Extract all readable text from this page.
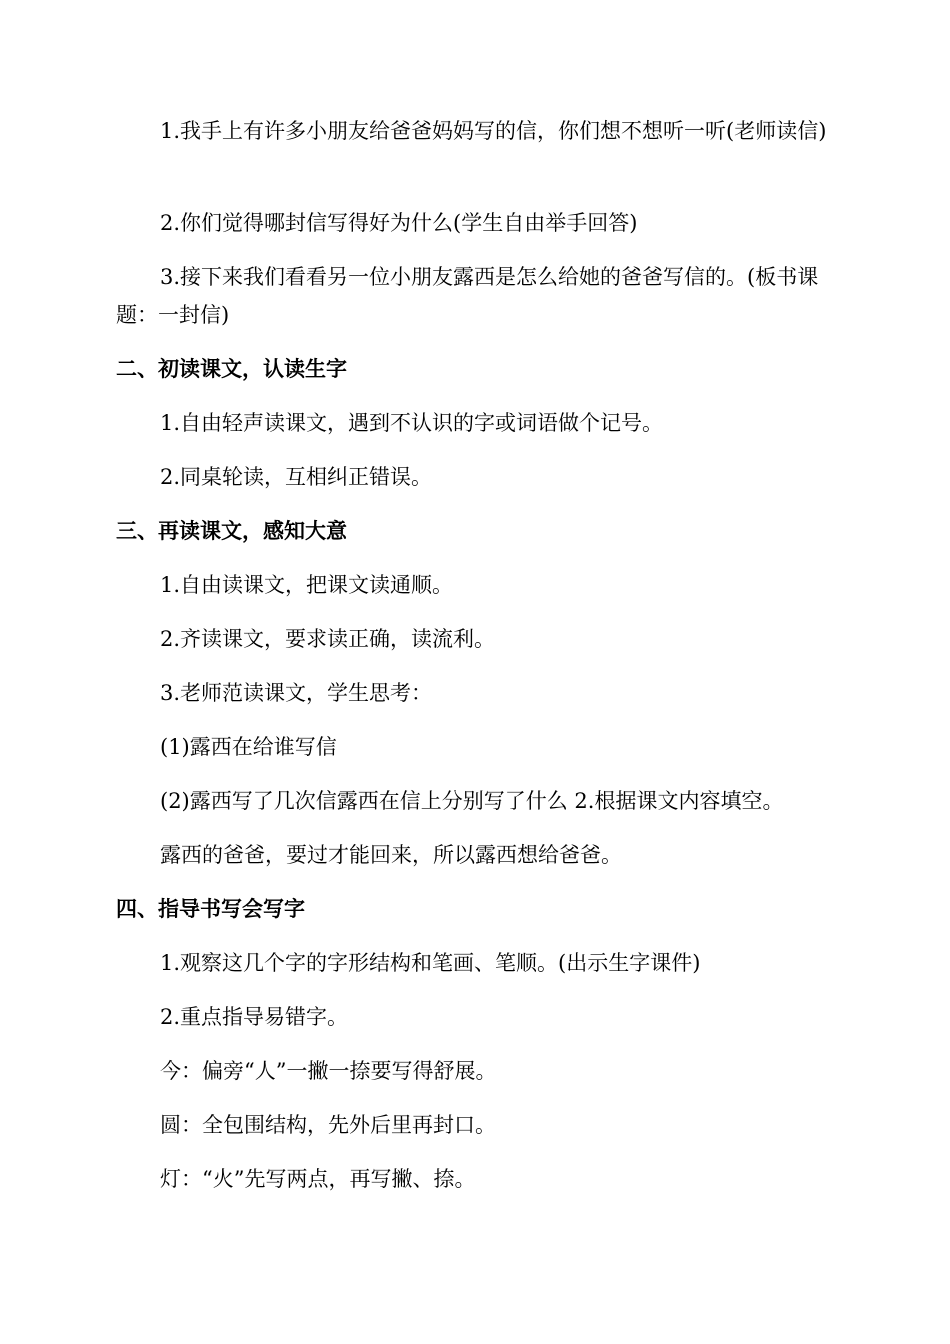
1.我手上有许多小朋友给爸爸妈妈写的信，你们想不想听一听(老师读信)
2.你们觉得哪封信写得好为什么(学生自由举手回答)
3.接下来我们看看另一位小朋友露西是怎么给她的爸爸写信的。(板书课题：一封信)
二、初读课文，认读生字
1.自由轻声读课文，遇到不认识的字或词语做个记号。
2.同桌轮读，互相纠正错误。
三、再读课文，感知大意
1.自由读课文，把课文读通顺。
2.齐读课文，要求读正确，读流利。
3.老师范读课文，学生思考：
(1)露西在给谁写信
(2)露西写了几次信露西在信上分别写了什么 2.根据课文内容填空。
露西的爸爸，要过才能回来，所以露西想给爸爸。
四、指导书写会写字
1.观察这几个字的字形结构和笔画、笔顺。(出示生字课件)
2.重点指导易错字。
今：偏旁“人”一撇一捺要写得舒展。
圆：全包围结构，先外后里再封口。
灯：“火”先写两点，再写撇、捺。
